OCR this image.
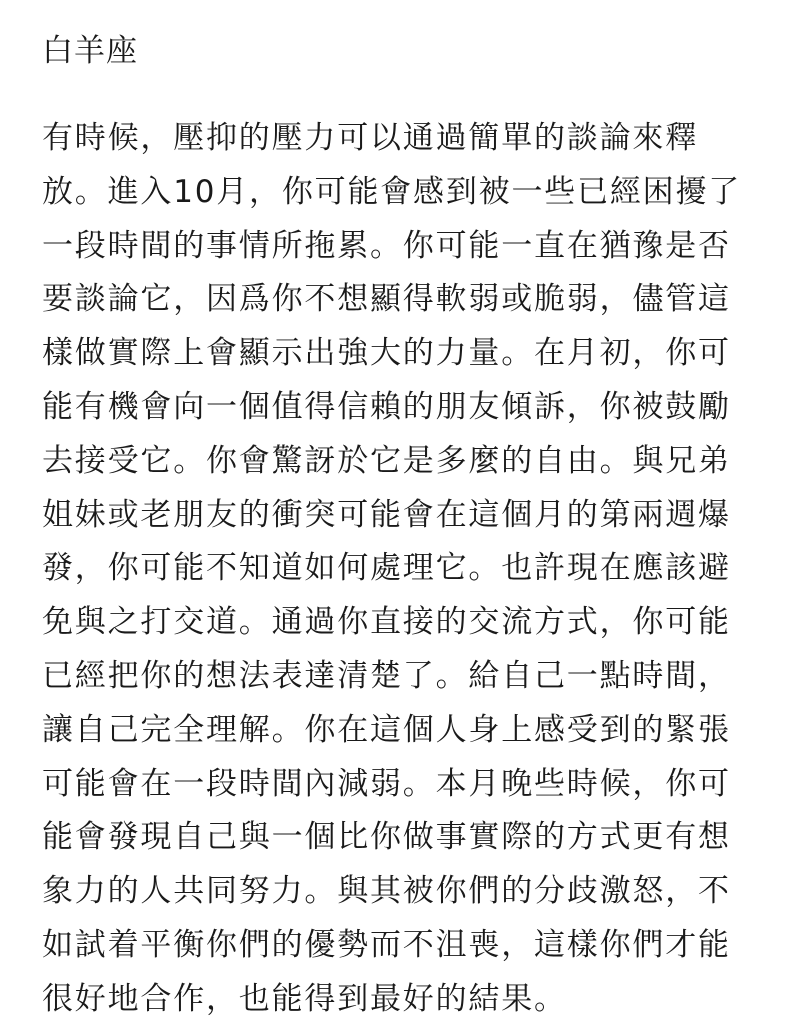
白羊座
有時候，壓抑的壓力可以通過簡單的談論來釋
放。進入10月，你可能會感到被一些已經困擾了
一段時間的事情所拖累。你可能一直在猶豫是否
要談論它，因爲你不想顯得軟弱或脆弱，儘管這
樣做實際上會顯示出強大的力量。在月初，你可
能有機會向一個值得信賴的朋友傾訴，你被鼓勵
去接受它。你會驚訝於它是多麼的自由。與兄弟
姐妹或老朋友的衝突可能會在這個月的第兩週爆
發，你可能不知道如何處理它。也許現在應該避
免與之打交道。通過你直接的交流方式，你可能
已經把你的想法表達清楚了。給自己一點時間，
讓自己完全理解。你在這個人身上感受到的緊張
可能會在一段時間內減弱。本月晚些時候，你可
能會發現自己與一個比你做事實際的方式更有想
象力的人共同努力。與其被你們的分歧激怒，不
如試着平衡你們的優勢而不沮喪，這樣你們才能
很好地合作，也能得到最好的結果。
